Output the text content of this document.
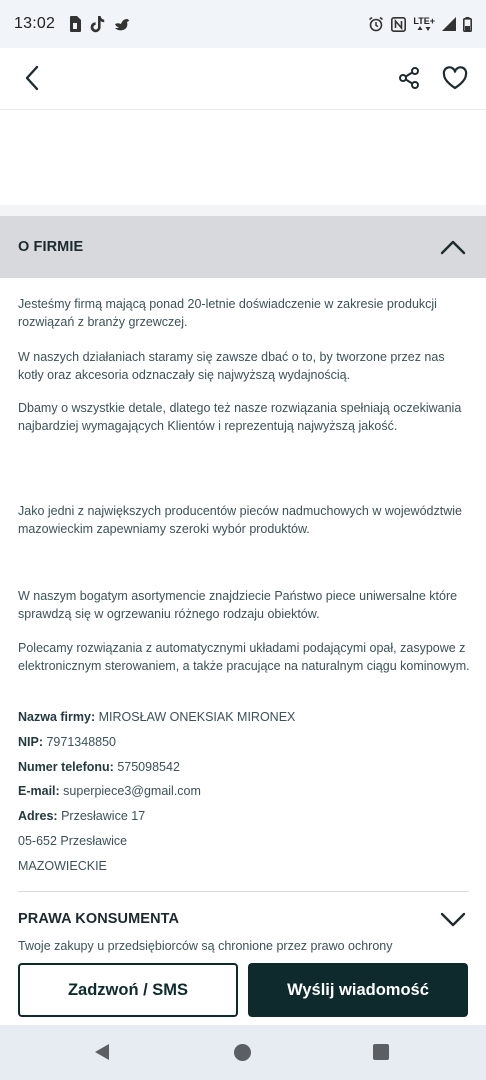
13:02	LTE+
O FIRMIE

Jesteśmy firmą mającą ponad 20-letnie doświadczenie w zakresie produkcji rozwiązań z branży grzewczej.

W naszych działaniach staramy się zawsze dbać o to, by tworzone przez nas kotły oraz akcesoria odznaczały się najwyższą wydajnością.

Dbamy o wszystkie detale, dlatego też nasze rozwiązania spełniają oczekiwania najbardziej wymagających Klientów i reprezentują najwyższą jakość.

Jako jedni z największych producentów pieców nadmuchowych w województwie mazowieckim zapewniamy szeroki wybór produktów.

W naszym bogatym asortymencie znajdziecie Państwo piece uniwersalne które sprawdzą się w ogrzewaniu różnego rodzaju obiektów.

Polecamy rozwiązania z automatycznymi układami podającymi opał, zasypowe z elektronicznym sterowaniem, a także pracujące na naturalnym ciągu kominowym.

Nazwa firmy: MIROSŁAW ONEKSIAK MIRONEX
NIP: 7971348850
Numer telefonu: 575098542
E-mail: superpiece3@gmail.com
Adres: Przesławice 17
05-652 Przesławice
MAZOWIECKIE
PRAWA KONSUMENTA
Twoje zakupy u przedsiębiorców są chronione przez prawo ochrony
Zadzwoń / SMS	Wyślij wiadomość
